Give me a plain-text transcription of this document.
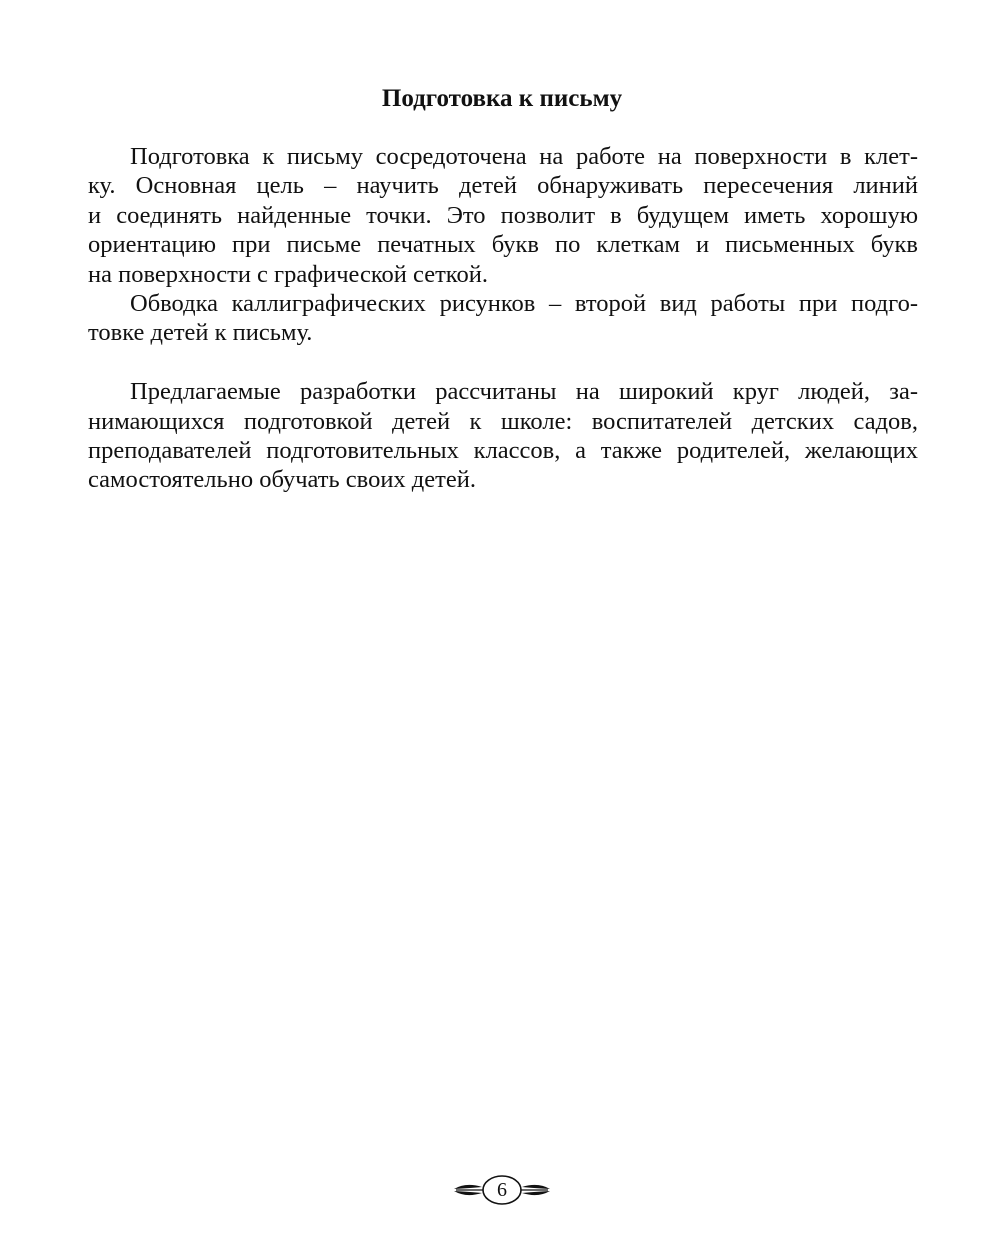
Подготовка к письму
Подготовка к письму сосредоточена на работе на поверхности в клет-
ку. Основная цель – научить детей обнаруживать пересечения линий
и соединять найденные точки. Это позволит в будущем иметь хорошую
ориентацию при письме печатных букв по клеткам и письменных букв
на поверхности с графической сеткой.
Обводка каллиграфических рисунков – второй вид работы при подго-
товке детей к письму.
Предлагаемые разработки рассчитаны на широкий круг людей, за-
нимающихся подготовкой детей к школе: воспитателей детских садов,
преподавателей подготовительных классов, а также родителей, желающих
самостоятельно обучать своих детей.
6
